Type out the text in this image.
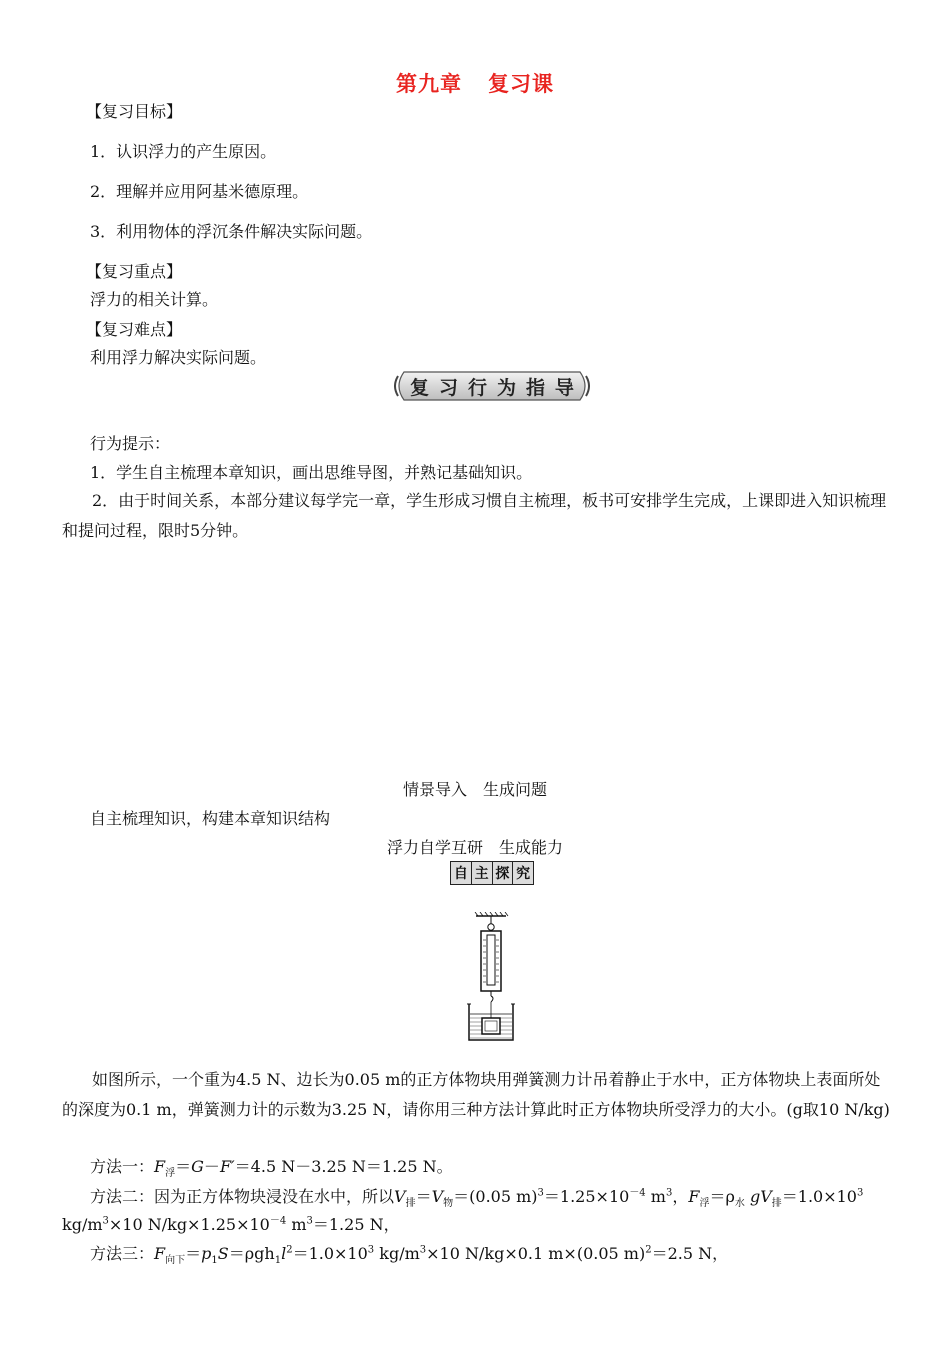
第九章 复习课
【复习目标】
1．认识浮力的产生原因。
2．理解并应用阿基米德原理。
3．利用物体的浮沉条件解决实际问题。
【复习重点】
浮力的相关计算。
【复习难点】
利用浮力解决实际问题。
复 习 行 为 指 导
行为提示：
1．学生自主梳理本章知识，画出思维导图，并熟记基础知识。
2．由于时间关系，本部分建议每学完一章，学生形成习惯自主梳理，板书可安排学生完成，上课即进入知识梳理和提问过程，限时5分钟。
情景导入　生成问题
自主梳理知识，构建本章知识结构
浮力自学互研　生成能力
自 主 探 究
如图所示，一个重为4.5 N、边长为0.05 m的正方体物块用弹簧测力计吊着静止于水中，正方体物块上表面所处的深度为0.1 m，弹簧测力计的示数为3.25 N，请你用三种方法计算此时正方体物块所受浮力的大小。(g取10 N/kg)
方法一：$F_浮=G-F'=4.5$ N－3.25 N＝1.25 N。
方法二：因为正方体物块浸没在水中，所以$V_排=V_物=(0.05$ $m)^3=1.25\times 10^{-4}$ $m^3$，$F_浮=\rho_水$ $gV_排=1.0\times 10^3$
$kg/m^3\times 10$ $N/kg\times 1.25\times 10^{-4}$ $m^3=1.25$ N，
方法三：$F_{向下}=p_1S=\rho gh_1l^2=1.0\times 10^3$ $kg/m^3\times 10$ N/kg×0.1 m×(0.05 m)$^2$＝2.5 N，
